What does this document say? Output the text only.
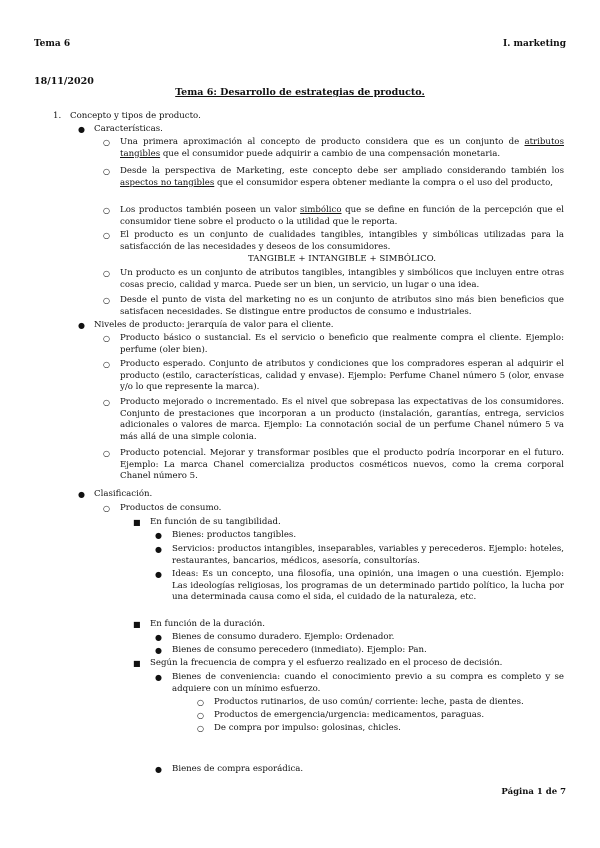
Tema 6	I. marketing
18/11/2020
Tema 6: Desarrollo de estrategias de producto.
1. Concepto y tipos de producto.
● Características.
○ Una primera aproximación al concepto de producto considera que es un conjunto de atributos tangibles que el consumidor puede adquirir a cambio de una compensación monetaria.
○ Desde la perspectiva de Marketing, este concepto debe ser ampliado considerando también los aspectos no tangibles que el consumidor espera obtener mediante la compra o el uso del producto,
○ Los productos también poseen un valor simbólico que se define en función de la percepción que el consumidor tiene sobre el producto o la utilidad que le reporta.
○ El producto es un conjunto de cualidades tangibles, intangibles y simbólicas utilizadas para la satisfacción de las necesidades y deseos de los consumidores.
TANGIBLE + INTANGIBLE + SIMBÓLICO.
○ Un producto es un conjunto de atributos tangibles, intangibles y simbólicos que incluyen entre otras cosas precio, calidad y marca. Puede ser un bien, un servicio, un lugar o una idea.
○ Desde el punto de vista del marketing no es un conjunto de atributos sino más bien beneficios que satisfacen necesidades. Se distingue entre productos de consumo e industriales.
● Niveles de producto: jerarquía de valor para el cliente.
○ Producto básico o sustancial. Es el servicio o beneficio que realmente compra el cliente. Ejemplo: perfume (oler bien).
○ Producto esperado. Conjunto de atributos y condiciones que los compradores esperan al adquirir el producto (estilo, características, calidad y envase). Ejemplo: Perfume Chanel número 5 (olor, envase y/o lo que represente la marca).
○ Producto mejorado o incrementado. Es el nivel que sobrepasa las expectativas de los consumidores. Conjunto de prestaciones que incorporan a un producto (instalación, garantías, entrega, servicios adicionales o valores de marca. Ejemplo: La connotación social de un perfume Chanel número 5 va más allá de una simple colonia.
○ Producto potencial. Mejorar y transformar posibles que el producto podría incorporar en el futuro. Ejemplo: La marca Chanel comercializa productos cosméticos nuevos, como la crema corporal Chanel número 5.
● Clasificación.
○ Productos de consumo.
■ En función de su tangibilidad.
● Bienes: productos tangibles.
● Servicios: productos intangibles, inseparables, variables y perecederos. Ejemplo: hoteles, restaurantes, bancarios, médicos, asesoría, consultorías.
● Ideas: Es un concepto, una filosofía, una opinión, una imagen o una cuestión. Ejemplo: Las ideologías religiosas, los programas de un determinado partido político, la lucha por una determinada causa como el sida, el cuidado de la naturaleza, etc.
■ En función de la duración.
● Bienes de consumo duradero. Ejemplo: Ordenador.
● Bienes de consumo perecedero (inmediato). Ejemplo: Pan.
■ Según la frecuencia de compra y el esfuerzo realizado en el proceso de decisión.
● Bienes de conveniencia: cuando el conocimiento previo a su compra es completo y se adquiere con un mínimo esfuerzo.
○ Productos rutinarios, de uso común/ corriente: leche, pasta de dientes.
○ Productos de emergencia/urgencia: medicamentos, paraguas.
○ De compra por impulso: golosinas, chicles.
● Bienes de compra esporádica.
Página 1 de 7
